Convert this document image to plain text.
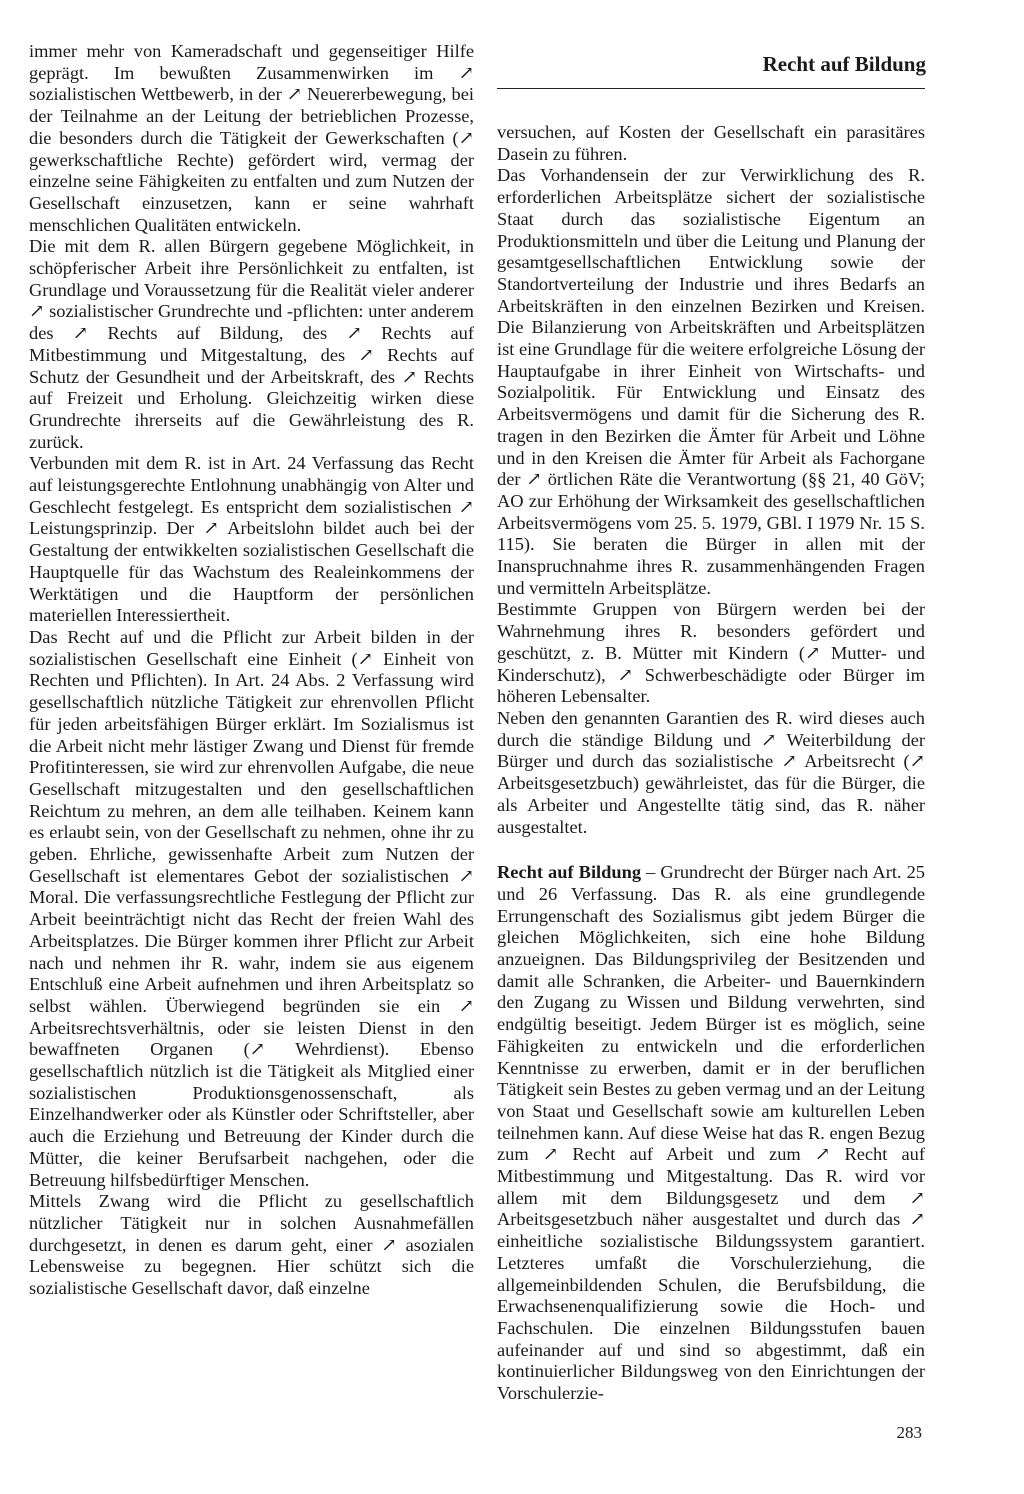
Recht auf Bildung

immer mehr von Kameradschaft und gegenseitiger Hilfe geprägt. Im bewußten Zusammenwirken im ↗ sozialistischen Wettbewerb, in der ↗ Neuererbewegung, bei der Teilnahme an der Leitung der betrieblichen Prozesse, die besonders durch die Tätigkeit der Gewerkschaften (↗ gewerkschaftliche Rechte) gefördert wird, vermag der einzelne seine Fähigkeiten zu entfalten und zum Nutzen der Gesellschaft einzusetzen, kann er seine wahrhaft menschlichen Qualitäten entwickeln.

Die mit dem R. allen Bürgern gegebene Möglichkeit, in schöpferischer Arbeit ihre Persönlichkeit zu entfalten, ist Grundlage und Voraussetzung für die Realität vieler anderer ↗ sozialistischer Grundrechte und -pflichten: unter anderem des ↗ Rechts auf Bildung, des ↗ Rechts auf Mitbestimmung und Mitgestaltung, des ↗ Rechts auf Schutz der Gesundheit und der Arbeitskraft, des ↗ Rechts auf Freizeit und Erholung. Gleichzeitig wirken diese Grundrechte ihrerseits auf die Gewährleistung des R. zurück.

Verbunden mit dem R. ist in Art. 24 Verfassung das Recht auf leistungsgerechte Entlohnung unabhängig von Alter und Geschlecht festgelegt. Es entspricht dem sozialistischen ↗ Leistungsprinzip. Der ↗ Arbeitslohn bildet auch bei der Gestaltung der entwikkelten sozialistischen Gesellschaft die Hauptquelle für das Wachstum des Realeinkommens der Werktätigen und die Hauptform der persönlichen materiellen Interessiertheit.

Das Recht auf und die Pflicht zur Arbeit bilden in der sozialistischen Gesellschaft eine Einheit (↗ Einheit von Rechten und Pflichten). In Art. 24 Abs. 2 Verfassung wird gesellschaftlich nützliche Tätigkeit zur ehrenvollen Pflicht für jeden arbeitsfähigen Bürger erklärt. Im Sozialismus ist die Arbeit nicht mehr lästiger Zwang und Dienst für fremde Profitinteressen, sie wird zur ehrenvollen Aufgabe, die neue Gesellschaft mitzugestalten und den gesellschaftlichen Reichtum zu mehren, an dem alle teilhaben. Keinem kann es erlaubt sein, von der Gesellschaft zu nehmen, ohne ihr zu geben. Ehrliche, gewissenhafte Arbeit zum Nutzen der Gesellschaft ist elementares Gebot der sozialistischen ↗ Moral. Die verfassungsrechtliche Festlegung der Pflicht zur Arbeit beeinträchtigt nicht das Recht der freien Wahl des Arbeitsplatzes. Die Bürger kommen ihrer Pflicht zur Arbeit nach und nehmen ihr R. wahr, indem sie aus eigenem Entschluß eine Arbeit aufnehmen und ihren Arbeitsplatz so selbst wählen. Überwiegend begründen sie ein ↗ Arbeitsrechtsverhältnis, oder sie leisten Dienst in den bewaffneten Organen (↗ Wehrdienst). Ebenso gesellschaftlich nützlich ist die Tätigkeit als Mitglied einer sozialistischen Produktionsgenossenschaft, als Einzelhandwerker oder als Künstler oder Schriftsteller, aber auch die Erziehung und Betreuung der Kinder durch die Mütter, die keiner Berufsarbeit nachgehen, oder die Betreuung hilfsbedürftiger Menschen.

Mittels Zwang wird die Pflicht zu gesellschaftlich nützlicher Tätigkeit nur in solchen Ausnahmefällen durchgesetzt, in denen es darum geht, einer ↗ asozialen Lebensweise zu begegnen. Hier schützt sich die sozialistische Gesellschaft davor, daß einzelne

versuchen, auf Kosten der Gesellschaft ein parasitäres Dasein zu führen.

Das Vorhandensein der zur Verwirklichung des R. erforderlichen Arbeitsplätze sichert der sozialistische Staat durch das sozialistische Eigentum an Produktionsmitteln und über die Leitung und Planung der gesamtgesellschaftlichen Entwicklung sowie der Standortverteilung der Industrie und ihres Bedarfs an Arbeitskräften in den einzelnen Bezirken und Kreisen. Die Bilanzierung von Arbeitskräften und Arbeitsplätzen ist eine Grundlage für die weitere erfolgreiche Lösung der Hauptaufgabe in ihrer Einheit von Wirtschafts- und Sozialpolitik. Für Entwicklung und Einsatz des Arbeitsvermögens und damit für die Sicherung des R. tragen in den Bezirken die Ämter für Arbeit und Löhne und in den Kreisen die Ämter für Arbeit als Fachorgane der ↗ örtlichen Räte die Verantwortung (§§ 21, 40 GöV; AO zur Erhöhung der Wirksamkeit des gesellschaftlichen Arbeitsvermögens vom 25. 5. 1979, GBl. I 1979 Nr. 15 S. 115). Sie beraten die Bürger in allen mit der Inanspruchnahme ihres R. zusammenhängenden Fragen und vermitteln Arbeitsplätze.

Bestimmte Gruppen von Bürgern werden bei der Wahrnehmung ihres R. besonders gefördert und geschützt, z. B. Mütter mit Kindern (↗ Mutter- und Kinderschutz), ↗ Schwerbeschädigte oder Bürger im höheren Lebensalter.

Neben den genannten Garantien des R. wird dieses auch durch die ständige Bildung und ↗ Weiterbildung der Bürger und durch das sozialistische ↗ Arbeitsrecht (↗ Arbeitsgesetzbuch) gewährleistet, das für die Bürger, die als Arbeiter und Angestellte tätig sind, das R. näher ausgestaltet.

Recht auf Bildung – Grundrecht der Bürger nach Art. 25 und 26 Verfassung. Das R. als eine grundlegende Errungenschaft des Sozialismus gibt jedem Bürger die gleichen Möglichkeiten, sich eine hohe Bildung anzueignen. Das Bildungsprivileg der Besitzenden und damit alle Schranken, die Arbeiter- und Bauernkindern den Zugang zu Wissen und Bildung verwehrten, sind endgültig beseitigt. Jedem Bürger ist es möglich, seine Fähigkeiten zu entwickeln und die erforderlichen Kenntnisse zu erwerben, damit er in der beruflichen Tätigkeit sein Bestes zu geben vermag und an der Leitung von Staat und Gesellschaft sowie am kulturellen Leben teilnehmen kann. Auf diese Weise hat das R. engen Bezug zum ↗ Recht auf Arbeit und zum ↗ Recht auf Mitbestimmung und Mitgestaltung. Das R. wird vor allem mit dem Bildungsgesetz und dem ↗ Arbeitsgesetzbuch näher ausgestaltet und durch das ↗ einheitliche sozialistische Bildungssystem garantiert. Letzteres umfaßt die Vorschulerziehung, die allgemeinbildenden Schulen, die Berufsbildung, die Erwachsenenqualifizierung sowie die Hoch- und Fachschulen. Die einzelnen Bildungsstufen bauen aufeinander auf und sind so abgestimmt, daß ein kontinuierlicher Bildungsweg von den Einrichtungen der Vorschulerzie-

283
